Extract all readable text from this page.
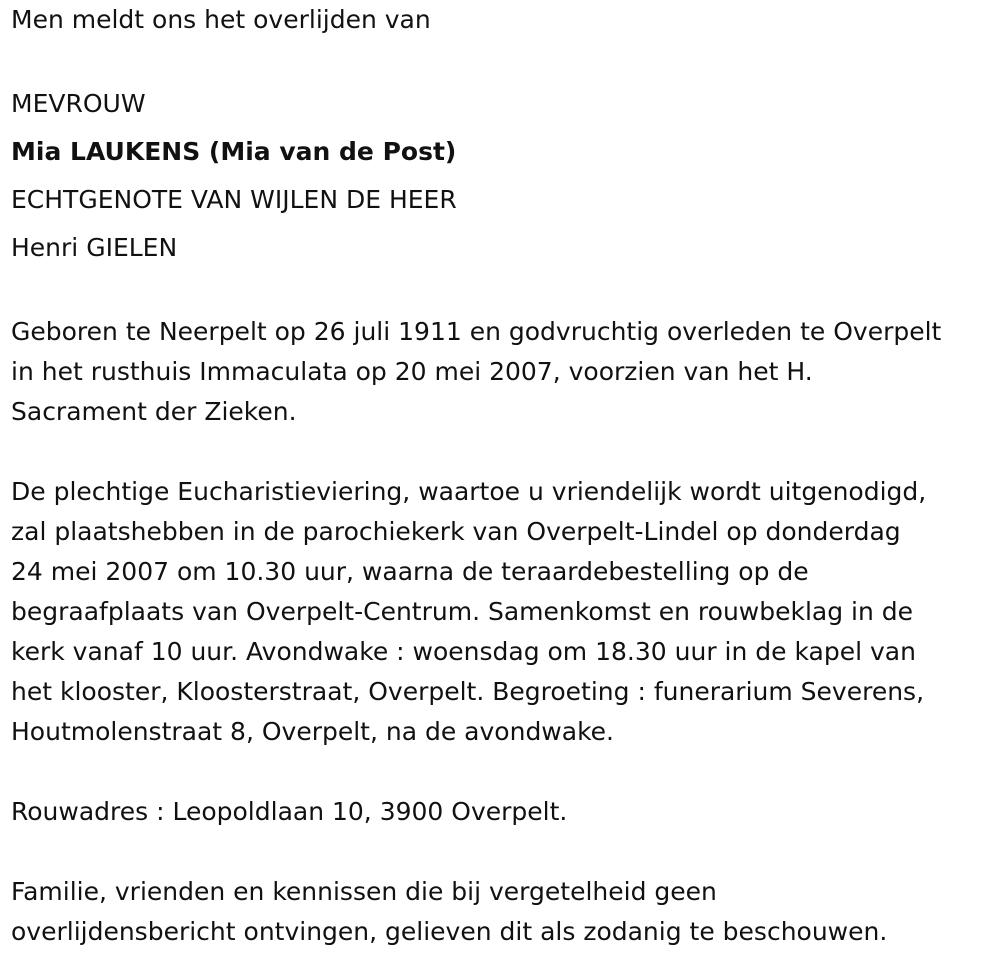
Men meldt ons het overlijden van
MEVROUW
Mia LAUKENS (Mia van de Post)
ECHTGENOTE VAN WIJLEN DE HEER
Henri GIELEN
Geboren te Neerpelt op 26 juli 1911 en godvruchtig overleden te Overpelt
in het rusthuis Immaculata op 20 mei 2007, voorzien van het H.
Sacrament der Zieken.
De plechtige Eucharistieviering, waartoe u vriendelijk wordt uitgenodigd,
zal plaatshebben in de parochiekerk van Overpelt-Lindel op donderdag
24 mei 2007 om 10.30 uur, waarna de teraardebestelling op de
begraafplaats van Overpelt-Centrum. Samenkomst en rouwbeklag in de
kerk vanaf 10 uur. Avondwake : woensdag om 18.30 uur in de kapel van
het klooster, Kloosterstraat, Overpelt. Begroeting : funerarium Severens,
Houtmolenstraat 8, Overpelt, na de avondwake.
Rouwadres : Leopoldlaan 10, 3900 Overpelt.
Familie, vrienden en kennissen die bij vergetelheid geen
overlijdensbericht ontvingen, gelieven dit als zodanig te beschouwen.
